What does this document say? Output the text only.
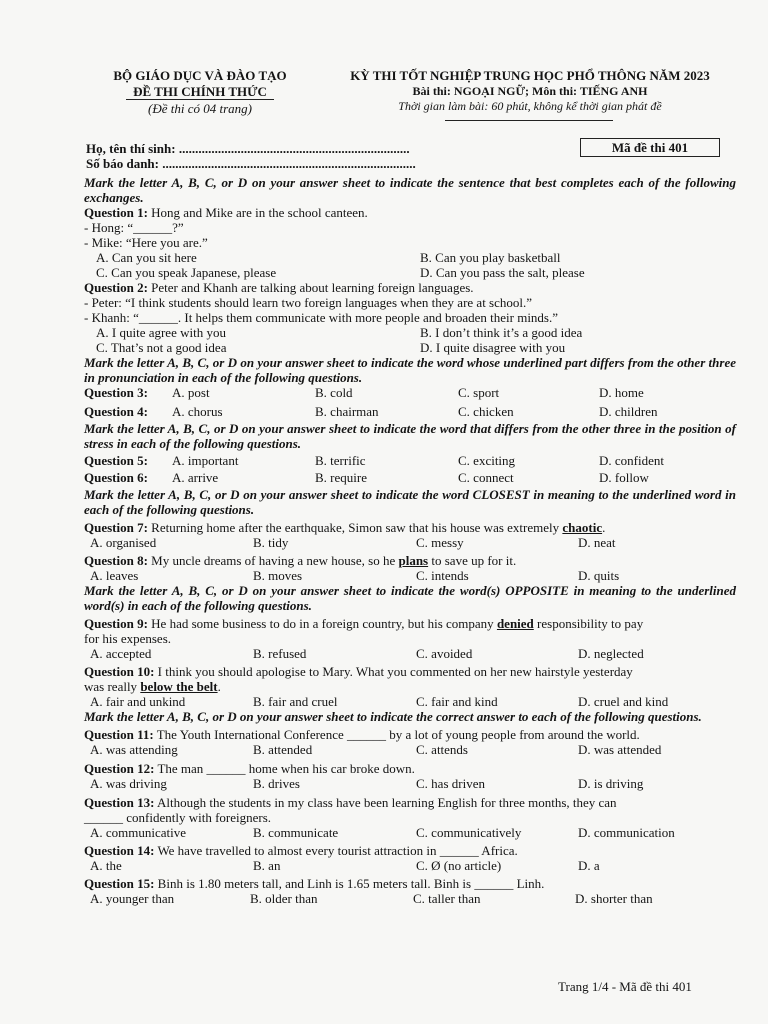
BỘ GIÁO DỤC VÀ ĐÀO TẠO
ĐỀ THI CHÍNH THỨC
(Đề thi có 04 trang)
KỲ THI TỐT NGHIỆP TRUNG HỌC PHỔ THÔNG NĂM 2023
Bài thi: NGOẠI NGỮ; Môn thi: TIẾNG ANH
Thời gian làm bài: 60 phút, không kể thời gian phát đề
Họ, tên thí sinh: .......................................................................
Số báo danh: ..............................................................................
Mã đề thi 401
Mark the letter A, B, C, or D on your answer sheet to indicate the sentence that best completes each of the following exchanges.
Question 1: Hong and Mike are in the school canteen.
- Hong: “______?”
- Mike: “Here you are.”
A. Can you sit here	B. Can you play basketball
C. Can you speak Japanese, please	D. Can you pass the salt, please
Question 2: Peter and Khanh are talking about learning foreign languages.
- Peter: “I think students should learn two foreign languages when they are at school.”
- Khanh: “______. It helps them communicate with more people and broaden their minds.”
A. I quite agree with you	B. I don’t think it’s a good idea
C. That’s not a good idea	D. I quite disagree with you
Mark the letter A, B, C, or D on your answer sheet to indicate the word whose underlined part differs from the other three in pronunciation in each of the following questions.
Question 3: A. post	B. cold	C. sport	D. home
Question 4: A. chorus	B. chairman	C. chicken	D. children
Mark the letter A, B, C, or D on your answer sheet to indicate the word that differs from the other three in the position of stress in each of the following questions.
Question 5: A. important	B. terrific	C. exciting	D. confident
Question 6: A. arrive	B. require	C. connect	D. follow
Mark the letter A, B, C, or D on your answer sheet to indicate the word CLOSEST in meaning to the underlined word in each of the following questions.
Question 7: Returning home after the earthquake, Simon saw that his house was extremely chaotic.
A. organised	B. tidy	C. messy	D. neat
Question 8: My uncle dreams of having a new house, so he plans to save up for it.
A. leaves	B. moves	C. intends	D. quits
Mark the letter A, B, C, or D on your answer sheet to indicate the word(s) OPPOSITE in meaning to the underlined word(s) in each of the following questions.
Question 9: He had some business to do in a foreign country, but his company denied responsibility to pay
for his expenses.
A. accepted	B. refused	C. avoided	D. neglected
Question 10: I think you should apologise to Mary. What you commented on her new hairstyle yesterday
was really below the belt.
A. fair and unkind	B. fair and cruel	C. fair and kind	D. cruel and kind
Mark the letter A, B, C, or D on your answer sheet to indicate the correct answer to each of the following questions.
Question 11: The Youth International Conference ______ by a lot of young people from around the world.
A. was attending	B. attended	C. attends	D. was attended
Question 12: The man ______ home when his car broke down.
A. was driving	B. drives	C. has driven	D. is driving
Question 13: Although the students in my class have been learning English for three months, they can
______ confidently with foreigners.
A. communicative	B. communicate	C. communicatively	D. communication
Question 14: We have travelled to almost every tourist attraction in ______ Africa.
A. the	B. an	C. Ø (no article)	D. a
Question 15: Binh is 1.80 meters tall, and Linh is 1.65 meters tall. Binh is ______ Linh.
A. younger than	B. older than	C. taller than	D. shorter than
Trang 1/4 - Mã đề thi 401
